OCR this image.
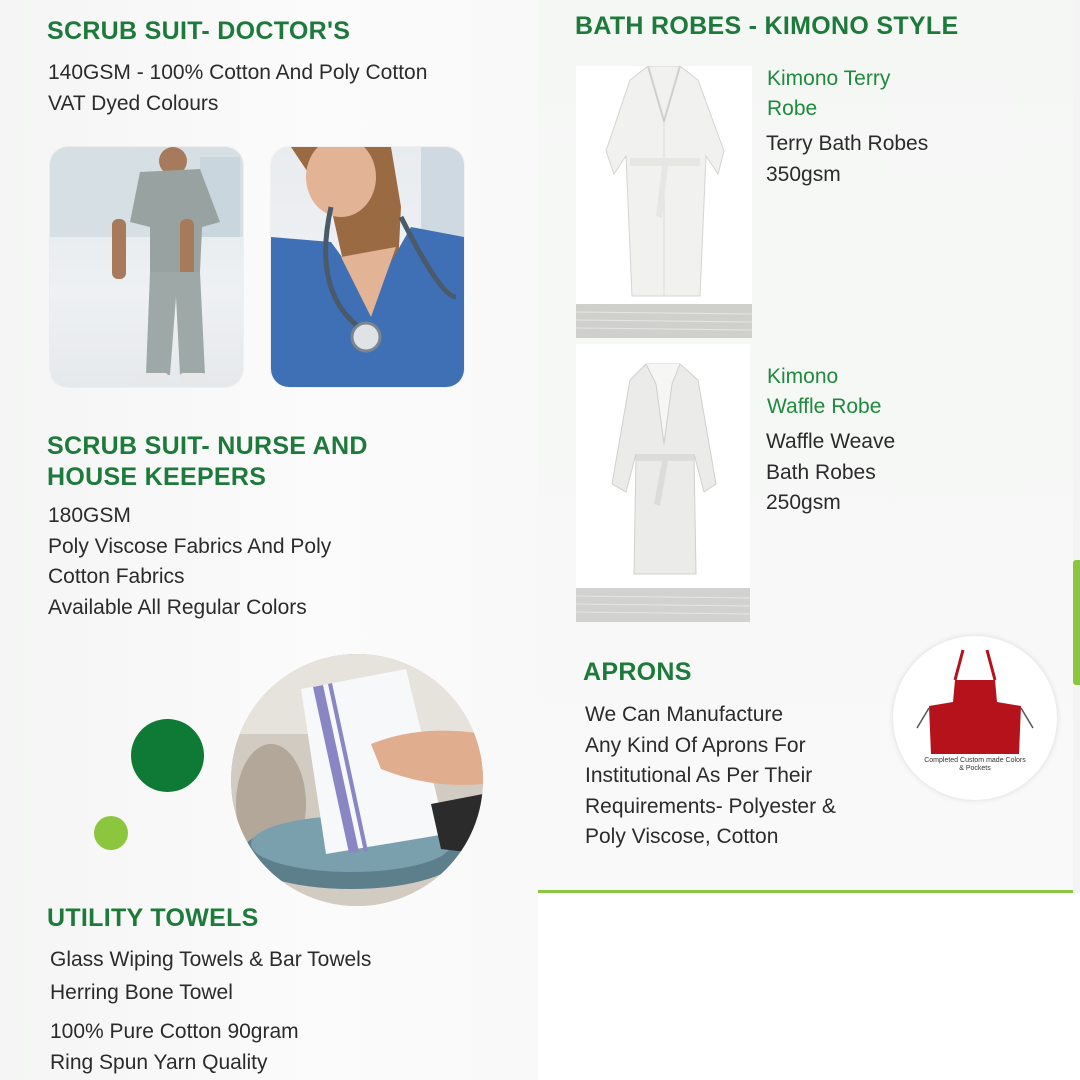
SCRUB SUIT- DOCTOR'S
140GSM - 100% Cotton And Poly Cotton
VAT Dyed Colours
SCRUB SUIT- NURSE AND
HOUSE KEEPERS
180GSM
Poly Viscose Fabrics And Poly
Cotton Fabrics
Available All Regular Colors
UTILITY TOWELS
Glass Wiping Towels & Bar Towels
Herring Bone Towel
100% Pure Cotton 90gram
Ring Spun Yarn Quality
BATH ROBES - KIMONO STYLE
Kimono Terry
Robe
Terry Bath Robes
350gsm
Kimono
Waffle Robe
Waffle Weave
Bath Robes
250gsm
APRONS
We Can Manufacture
Any Kind Of Aprons For
Institutional As Per Their
Requirements- Polyester &
Poly Viscose, Cotton
Completed Custom made Colors & Pockets
